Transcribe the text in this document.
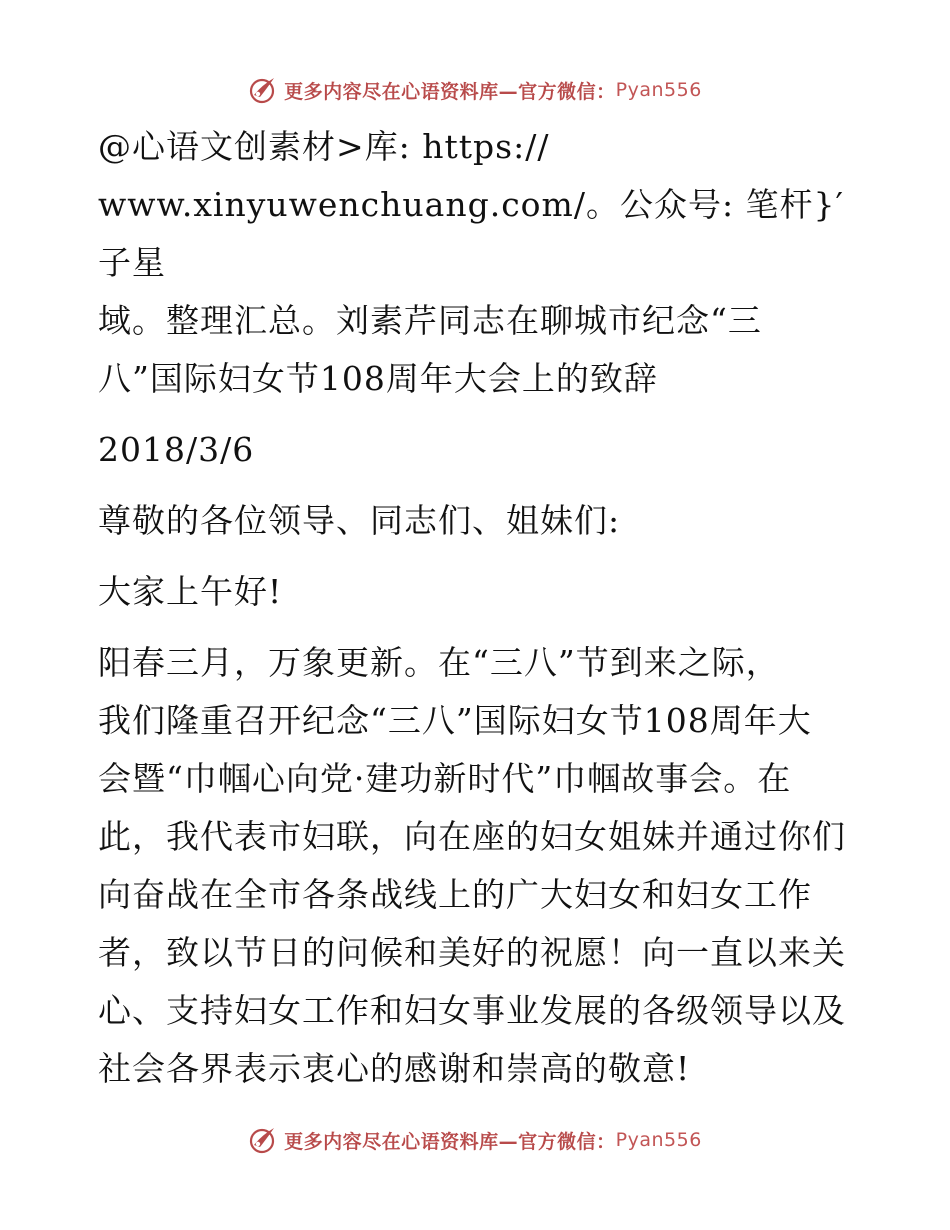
更多内容尽在心语资料库—官方微信： Pyan556

@心语文创素材>库: https://

www.xinyuwenchuang.com/。公众号: 笔杆}′子星

域。整理汇总。刘素芹同志在聊城市纪念“三

八”国际妇女节108周年大会上的致辞

2018/3/6

尊敬的各位领导、同志们、姐妹们:

大家上午好!

阳春三月，万象更新。在“三八”节到来之际，

我们隆重召开纪念“三八”国际妇女节108周年大

会暨“巾帼心向党·建功新时代”巾帼故事会。在

此，我代表市妇联，向在座的妇女姐妹并通过你们

向奋战在全市各条战线上的广大妇女和妇女工作

者，致以节日的问候和美好的祝愿！向一直以来关

心、支持妇女工作和妇女事业发展的各级领导以及

社会各界表示衷心的感谢和崇高的敬意!

更多内容尽在心语资料库—官方微信： Pyan556
